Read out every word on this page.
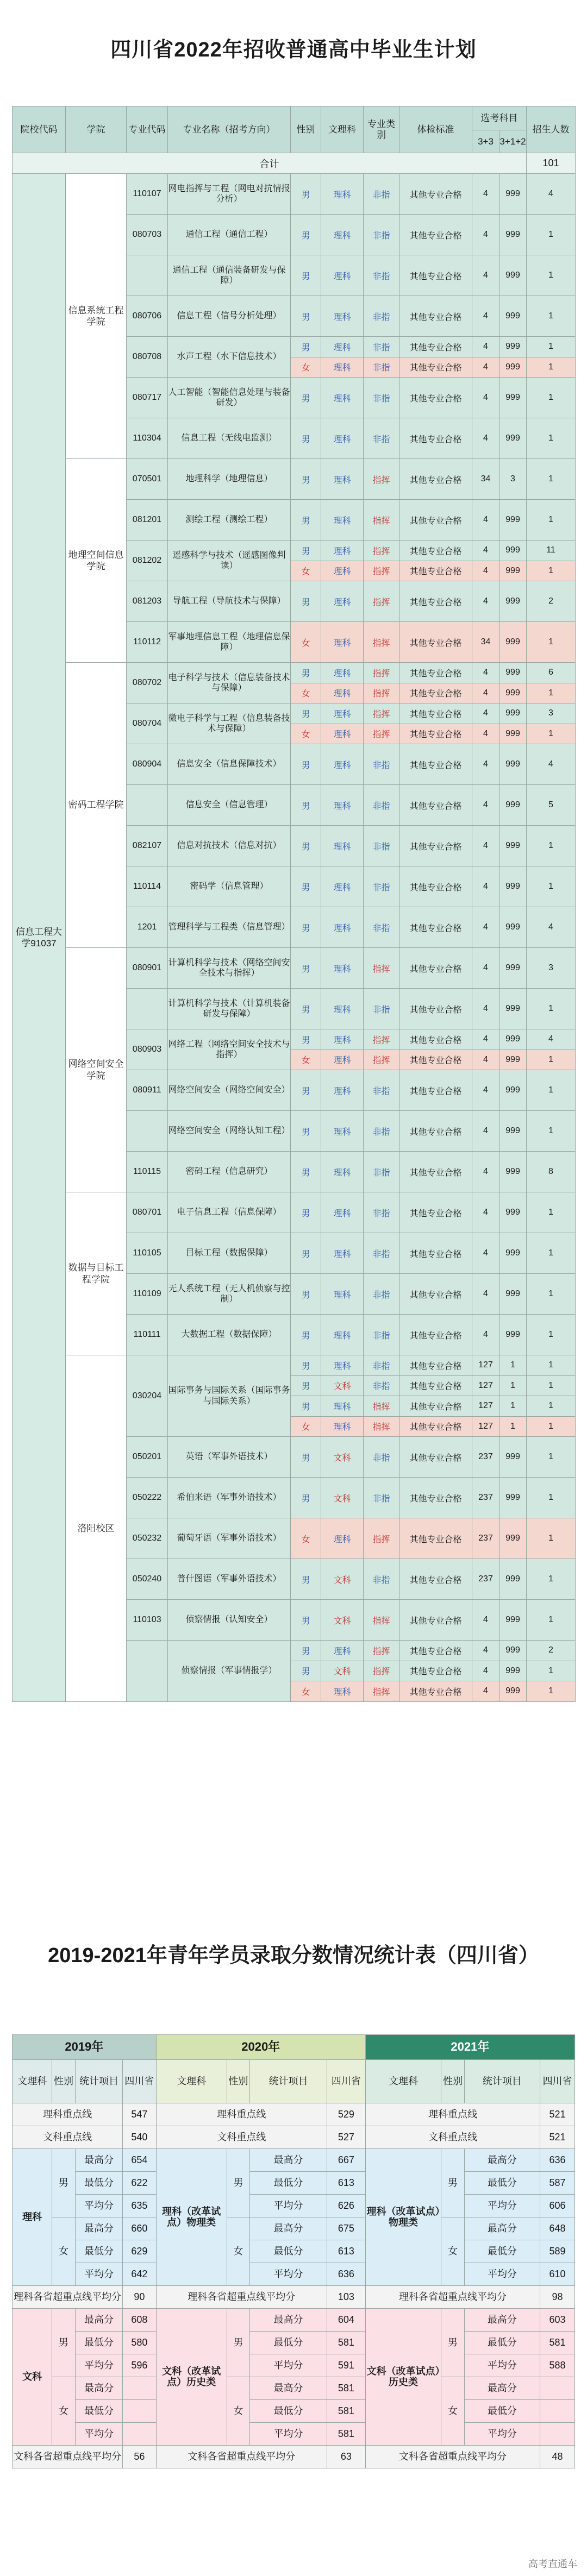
四川省2022年招收普通高中毕业生计划
院校代码	学院	专业代码	专业名称（招考方向）	性别	文理科	专业类别	体检标准	选考科目		招生人数
								3+3	3+1+2	
合计										101
信息工程大学91037	信息系统工程学院	110107	网电指挥与工程（网电对抗情报分析）	男	理科	非指	其他专业合格	4	999	4
		080703	通信工程（通信工程）	男	理科	非指	其他专业合格	4	999	1
			通信工程（通信装备研发与保障）	男	理科	非指	其他专业合格	4	999	1
		080706	信息工程（信号分析处理）	男	理科	非指	其他专业合格	4	999	1
		080708	水声工程（水下信息技术）	男	理科	非指	其他专业合格	4	999	1
				女	理科	非指	其他专业合格	4	999	1
		080717	人工智能（智能信息处理与装备研发）	男	理科	非指	其他专业合格	4	999	1
		110304	信息工程（无线电监测）	男	理科	非指	其他专业合格	4	999	1
	地理空间信息学院	070501	地理科学（地理信息）	男	理科	指挥	其他专业合格	34	3	1
		081201	测绘工程（测绘工程）	男	理科	指挥	其他专业合格	4	999	1
		081202	遥感科学与技术（遥感图像判读）	男	理科	指挥	其他专业合格	4	999	11
				女	理科	指挥	其他专业合格	4	999	1
		081203	导航工程（导航技术与保障）	男	理科	指挥	其他专业合格	4	999	2
		110112	军事地理信息工程（地理信息保障）	女	理科	指挥	其他专业合格	34	999	1
	密码工程学院	080702	电子科学与技术（信息装备技术与保障）	男	理科	指挥	其他专业合格	4	999	6
				女	理科	指挥	其他专业合格	4	999	1
		080704	微电子科学与工程（信息装备技术与保障）	男	理科	指挥	其他专业合格	4	999	3
				女	理科	指挥	其他专业合格	4	999	1
		080904	信息安全（信息保障技术）	男	理科	非指	其他专业合格	4	999	4
			信息安全（信息管理）	男	理科	非指	其他专业合格	4	999	5
		082107	信息对抗技术（信息对抗）	男	理科	非指	其他专业合格	4	999	1
		110114	密码学（信息管理）	男	理科	非指	其他专业合格	4	999	1
		1201	管理科学与工程类（信息管理）	男	理科	非指	其他专业合格	4	999	4
	网络空间安全学院	080901	计算机科学与技术（网络空间安全技术与指挥）	男	理科	指挥	其他专业合格	4	999	3
			计算机科学与技术（计算机装备研发与保障）	男	理科	非指	其他专业合格	4	999	1
		080903	网络工程（网络空间安全技术与指挥）	男	理科	指挥	其他专业合格	4	999	4
				女	理科	指挥	其他专业合格	4	999	1
		080911	网络空间安全（网络空间安全）	男	理科	非指	其他专业合格	4	999	1
			网络空间安全（网络认知工程）	男	理科	非指	其他专业合格	4	999	1
		110115	密码工程（信息研究）	男	理科	非指	其他专业合格	4	999	8
	数据与目标工程学院	080701	电子信息工程（信息保障）	男	理科	非指	其他专业合格	4	999	1
		110105	目标工程（数据保障）	男	理科	非指	其他专业合格	4	999	1
		110109	无人系统工程（无人机侦察与控制）	男	理科	非指	其他专业合格	4	999	1
		110111	大数据工程（数据保障）	男	理科	非指	其他专业合格	4	999	1
	洛阳校区	030204	国际事务与国际关系（国际事务与国际关系）	男	理科	非指	其他专业合格	127	1	1
				男	文科	非指	其他专业合格	127	1	1
				男	理科	指挥	其他专业合格	127	1	1
				女	理科	指挥	其他专业合格	127	1	1
		050201	英语（军事外语技术）	男	文科	非指	其他专业合格	237	999	1
		050222	希伯来语（军事外语技术）	男	文科	非指	其他专业合格	237	999	1
		050232	葡萄牙语（军事外语技术）	女	理科	指挥	其他专业合格	237	999	1
		050240	普什图语（军事外语技术）	男	文科	非指	其他专业合格	237	999	1
		110103	侦察情报（认知安全）	男	文科	指挥	其他专业合格	4	999	1
			侦察情报（军事情报学）	男	理科	指挥	其他专业合格	4	999	2
				男	文科	指挥	其他专业合格	4	999	1
				女	理科	指挥	其他专业合格	4	999	1
2019-2021年青年学员录取分数情况统计表（四川省）
2019年				2020年				2021年			
文理科	性别	统计项目	四川省	文理科	性别	统计项目	四川省	文理科	性别	统计项目	四川省
理科重点线			547	理科重点线			529	理科重点线			521
文科重点线			540	文科重点线			527	文科重点线			521
理科	男	最高分	654	理科（改革试点）物理类	男	最高分	667	理科（改革试点）物理类	男	最高分	636
		最低分	622			最低分	613			最低分	587
		平均分	635			平均分	626			平均分	606
	女	最高分	660		女	最高分	675		女	最高分	648
		最低分	629			最低分	613			最低分	589
		平均分	642			平均分	636			平均分	610
理科各省超重点线平均分			90	理科各省超重点线平均分			103	理科各省超重点线平均分			98
文科	男	最高分	608	文科（改革试点）历史类	男	最高分	604	文科（改革试点）历史类	男	最高分	603
		最低分	580			最低分	581			最低分	581
		平均分	596			平均分	591			平均分	588
	女	最高分			女	最高分	581		女	最高分	
		最低分				最低分	581			最低分	
		平均分				平均分	581			平均分	
文科各省超重点线平均分			56	文科各省超重点线平均分			63	文科各省超重点线平均分			48
高考直通车
